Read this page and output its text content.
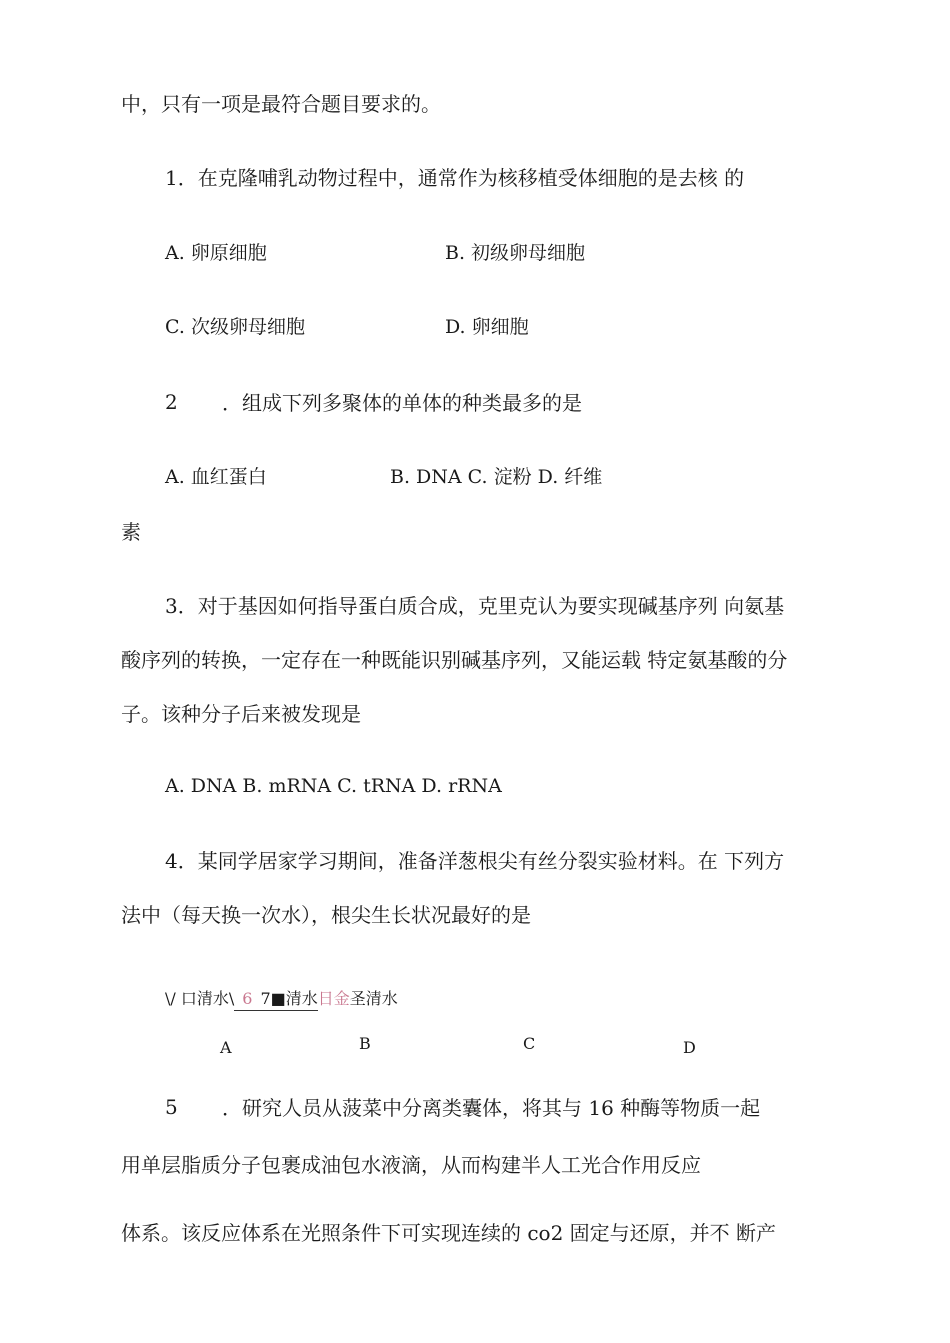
中，只有一项是最符合题目要求的。
1．在克隆哺乳动物过程中，通常作为核移植受体细胞的是去核 的
A. 卵原细胞	B. 初级卵母细胞
C. 次级卵母细胞	D. 卵细胞
2 ．组成下列多聚体的单体的种类最多的是
A. 血红蛋白	B. DNA C. 淀粉 D. 纤维
素
3．对于基因如何指导蛋白质合成，克里克认为要实现碱基序列 向氨基
酸序列的转换，一定存在一种既能识别碱基序列，又能运载 特定氨基酸的分
子。该种分子后来被发现是
A. DNA B. mRNA C. tRNA D. rRNA
4．某同学居家学习期间，准备洋葱根尖有丝分裂实验材料。在 下列方
法中（每天换一次水），根尖生长状况最好的是
\/ 口清水\ 6 7■清水日金圣清水
A	B	C	D
5 ．研究人员从菠菜中分离类囊体，将其与 16 种酶等物质一起
用单层脂质分子包裹成油包水液滴，从而构建半人工光合作用反应
体系。该反应体系在光照条件下可实现连续的 co2 固定与还原，并不 断产
